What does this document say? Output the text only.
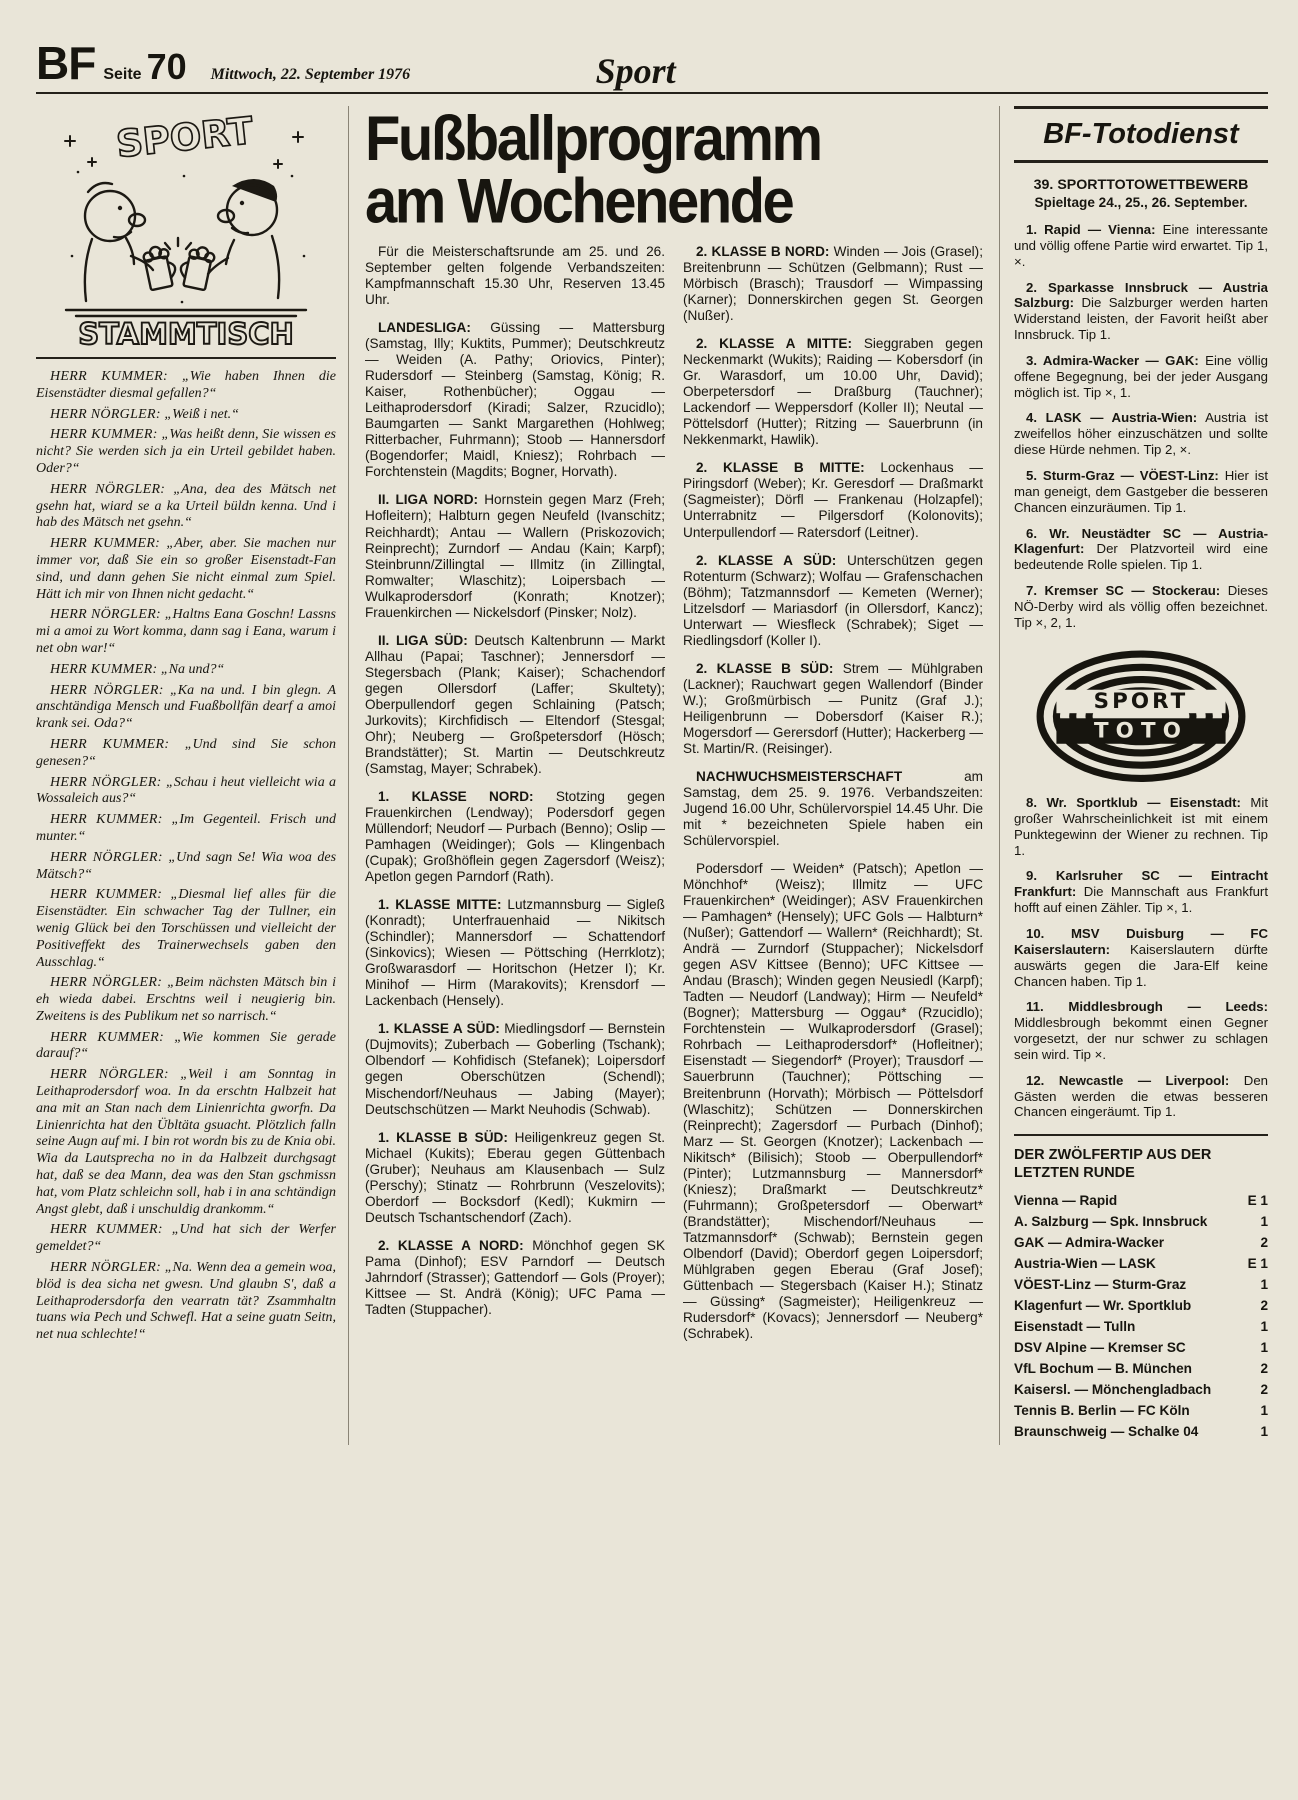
BF Seite 70 Mittwoch, 22. September 1976	Sport
SPORT
STAMMTISCH

HERR KUMMER: „Wie haben Ihnen die Eisenstädter diesmal gefallen?“

HERR NÖRGLER: „Weiß i net.“

HERR KUMMER: „Was heißt denn, Sie wissen es nicht? Sie werden sich ja ein Urteil gebildet haben. Oder?“

HERR NÖRGLER: „Ana, dea des Mätsch net gsehn hat, wiard se a ka Urteil büldn kenna. Und i hab des Mätsch net gsehn.“

HERR KUMMER: „Aber, aber. Sie machen nur immer vor, daß Sie ein so großer Eisenstadt-Fan sind, und dann gehen Sie nicht einmal zum Spiel. Hätt ich mir von Ihnen nicht gedacht.“

HERR NÖRGLER: „Haltns Eana Goschn! Lassns mi a amoi zu Wort komma, dann sag i Eana, warum i net obn war!“

HERR KUMMER: „Na und?“

HERR NÖRGLER: „Ka na und. I bin glegn. A anschtändiga Mensch und Fuaßbollfän dearf a amoi krank sei. Oda?“

HERR KUMMER: „Und sind Sie schon genesen?“

HERR NÖRGLER: „Schau i heut vielleicht wia a Wossaleich aus?“

HERR KUMMER: „Im Gegenteil. Frisch und munter.“

HERR NÖRGLER: „Und sagn Se! Wia woa des Mätsch?“

HERR KUMMER: „Diesmal lief alles für die Eisenstädter. Ein schwacher Tag der Tullner, ein wenig Glück bei den Torschüssen und vielleicht der Positiveffekt des Trainerwechsels gaben den Ausschlag.“

HERR NÖRGLER: „Beim nächsten Mätsch bin i eh wieda dabei. Erschtns weil i neugierig bin. Zweitens is des Publikum net so narrisch.“

HERR KUMMER: „Wie kommen Sie gerade darauf?“

HERR NÖRGLER: „Weil i am Sonntag in Leithaprodersdorf woa. In da erschtn Halbzeit hat ana mit an Stan nach dem Linienrichta gworfn. Da Linienrichta hat den Übltäta gsuacht. Plötzlich falln seine Augn auf mi. I bin rot wordn bis zu de Knia obi. Wia da Lautsprecha no in da Halbzeit durchgsagt hat, daß se dea Mann, dea was den Stan gschmissn hat, vom Platz schleichn soll, hab i in ana schtändign Angst glebt, daß i unschuldig drankomm.“

HERR KUMMER: „Und hat sich der Werfer gemeldet?“

HERR NÖRGLER: „Na. Wenn dea a gemein woa, blöd is dea sicha net gwesn. Und glaubn S', daß a Leithaprodersdorfa den vearratn tät? Zsammhaltn tuans wia Pech und Schwefl. Hat a seine guatn Seitn, net nua schlechte!“

Fußballprogramm
am Wochenende

Für die Meisterschaftsrunde am 25. und 26. September gelten folgende Verbandszeiten: Kampfmannschaft 15.30 Uhr, Reserven 13.45 Uhr.

LANDESLIGA: Güssing — Mattersburg (Samstag, Illy; Kuktits, Pummer); Deutschkreutz — Weiden (A. Pathy; Oriovics, Pinter); Rudersdorf — Steinberg (Samstag, König; R. Kaiser, Rothenbücher); Oggau — Leithaprodersdorf (Kiradi; Salzer, Rzucidlo); Baumgarten — Sankt Margarethen (Hohlweg; Ritterbacher, Fuhrmann); Stoob — Hannersdorf (Bogendorfer; Maidl, Kniesz); Rohrbach — Forchtenstein (Magdits; Bogner, Horvath).

II. LIGA NORD: Hornstein gegen Marz (Freh; Hofleitern); Halbturn gegen Neufeld (Ivanschitz; Reichhardt); Antau — Wallern (Priskozovich; Reinprecht); Zurndorf — Andau (Kain; Karpf); Steinbrunn/Zillingtal — Illmitz (in Zillingtal, Romwalter; Wlaschitz); Loipersbach — Wulkaprodersdorf (Konrath; Knotzer); Frauenkirchen — Nickelsdorf (Pinsker; Nolz).

II. LIGA SÜD: Deutsch Kaltenbrunn — Markt Allhau (Papai; Taschner); Jennersdorf — Stegersbach (Plank; Kaiser); Schachendorf gegen Ollersdorf (Laffer; Skultety); Oberpullendorf gegen Schlaining (Patsch; Jurkovits); Kirchfidisch — Eltendorf (Stesgal; Ohr); Neuberg — Großpetersdorf (Hösch; Brandstätter); St. Martin — Deutschkreutz (Samstag, Mayer; Schrabek).

1. KLASSE NORD: Stotzing gegen Frauenkirchen (Lendway); Podersdorf gegen Müllendorf; Neudorf — Purbach (Benno); Oslip — Pamhagen (Weidinger); Gols — Klingenbach (Cupak); Großhöflein gegen Zagersdorf (Weisz); Apetlon gegen Parndorf (Rath).

1. KLASSE MITTE: Lutzmannsburg — Sigleß (Konradt); Unterfrauenhaid — Nikitsch (Schindler); Mannersdorf — Schattendorf (Sinkovics); Wiesen — Pöttsching (Herrklotz); Großwarasdorf — Horitschon (Hetzer I); Kr. Minihof — Hirm (Marakovits); Krensdorf — Lackenbach (Hensely).

1. KLASSE A SÜD: Miedlingsdorf — Bernstein (Dujmovits); Zuberbach — Goberling (Tschank); Olbendorf — Kohfidisch (Stefanek); Loipersdorf gegen Oberschützen (Schendl); Mischendorf/Neuhaus — Jabing (Mayer); Deutschschützen — Markt Neuhodis (Schwab).

1. KLASSE B SÜD: Heiligenkreuz gegen St. Michael (Kukits); Eberau gegen Güttenbach (Gruber); Neuhaus am Klausenbach — Sulz (Perschy); Stinatz — Rohrbrunn (Veszelovits); Oberdorf — Bocksdorf (Kedl); Kukmirn — Deutsch Tschantschendorf (Zach).

2. KLASSE A NORD: Mönchhof gegen SK Pama (Dinhof); ESV Parndorf — Deutsch Jahrndorf (Strasser); Gattendorf — Gols (Proyer); Kittsee — St. Andrä (König); UFC Pama — Tadten (Stuppacher).

2. KLASSE B NORD: Winden — Jois (Grasel); Breitenbrunn — Schützen (Gelbmann); Rust — Mörbisch (Brasch); Trausdorf — Wimpassing (Karner); Donnerskirchen gegen St. Georgen (Nußer).

2. KLASSE A MITTE: Sieggraben gegen Neckenmarkt (Wukits); Raiding — Kobersdorf (in Gr. Warasdorf, um 10.00 Uhr, David); Oberpetersdorf — Draßburg (Tauchner); Lackendorf — Weppersdorf (Koller II); Neutal — Pöttelsdorf (Hutter); Ritzing — Sauerbrunn (in Nekkenmarkt, Hawlik).

2. KLASSE B MITTE: Lockenhaus — Piringsdorf (Weber); Kr. Geresdorf — Draßmarkt (Sagmeister); Dörfl — Frankenau (Holzapfel); Unterrabnitz — Pilgersdorf (Kolonovits); Unterpullendorf — Ratersdorf (Leitner).

2. KLASSE A SÜD: Unterschützen gegen Rotenturm (Schwarz); Wolfau — Grafenschachen (Böhm); Tatzmannsdorf — Kemeten (Werner); Litzelsdorf — Mariasdorf (in Ollersdorf, Kancz); Unterwart — Wiesfleck (Schrabek); Siget — Riedlingsdorf (Koller I).

2. KLASSE B SÜD: Strem — Mühlgraben (Lackner); Rauchwart gegen Wallendorf (Binder W.); Großmürbisch — Punitz (Graf J.); Heiligenbrunn — Dobersdorf (Kaiser R.); Mogersdorf — Gerersdorf (Hutter); Hackerberg — St. Martin/R. (Reisinger).

NACHWUCHSMEISTERSCHAFT	am Samstag, dem 25. 9. 1976. Verbandszeiten: Jugend 16.00 Uhr, Schülervorspiel 14.45 Uhr. Die mit * bezeichneten Spiele haben ein Schülervorspiel.

Podersdorf — Weiden* (Patsch); Apetlon — Mönchhof* (Weisz); Illmitz — UFC Frauenkirchen* (Weidinger); ASV Frauenkirchen — Pamhagen* (Hensely); UFC Gols — Halbturn* (Nußer); Gattendorf — Wallern* (Reichhardt); St. Andrä — Zurndorf (Stuppacher); Nickelsdorf gegen ASV Kittsee (Benno); UFC Kittsee — Andau (Brasch); Winden gegen Neusiedl (Karpf); Tadten — Neudorf (Landway); Hirm — Neufeld* (Bogner); Mattersburg — Oggau* (Rzucidlo); Forchtenstein — Wulkaprodersdorf (Grasel); Rohrbach — Leithaprodersdorf* (Hofleitner); Eisenstadt — Siegendorf* (Proyer); Trausdorf — Sauerbrunn (Tauchner); Pöttsching — Breitenbrunn (Horvath); Mörbisch — Pöttelsdorf (Wlaschitz); Schützen — Donnerskirchen (Reinprecht); Zagersdorf — Purbach (Dinhof); Marz — St. Georgen (Knotzer); Lackenbach — Nikitsch* (Bilisich); Stoob — Oberpullendorf* (Pinter); Lutzmannsburg — Mannersdorf* (Kniesz); Draßmarkt — Deutschkreutz* (Fuhrmann); Großpetersdorf — Oberwart* (Brandstätter); Mischendorf/Neuhaus — Tatzmannsdorf* (Schwab); Bernstein gegen Olbendorf (David); Oberdorf gegen Loipersdorf; Mühlgraben gegen Eberau (Graf Josef); Güttenbach — Stegersbach (Kaiser H.); Stinatz — Güssing* (Sagmeister); Heiligenkreuz — Rudersdorf* (Kovacs); Jennersdorf — Neuberg* (Schrabek).

BF-Totodienst

39. SPORTTOTOWETTBEWERB

Spieltage 24., 25., 26. September.

1. Rapid — Vienna: Eine interessante und völlig offene Partie wird erwartet. Tip 1, ×.

2. Sparkasse Innsbruck — Austria Salzburg: Die Salzburger werden harten Widerstand leisten, der Favorit heißt aber Innsbruck. Tip 1.

3. Admira-Wacker — GAK: Eine völlig offene Begegnung, bei der jeder Ausgang möglich ist. Tip ×, 1.

4. LASK — Austria-Wien: Austria ist zweifellos höher einzuschätzen und sollte diese Hürde nehmen. Tip 2, ×.

5. Sturm-Graz — VÖEST-Linz: Hier ist man geneigt, dem Gastgeber die besseren Chancen einzuräumen. Tip 1.

6. Wr. Neustädter SC — Austria-Klagenfurt: Der Platzvorteil wird eine bedeutende Rolle spielen. Tip 1.

7. Kremser SC — Stockerau: Dieses NÖ-Derby wird als völlig offen bezeichnet. Tip ×, 2, 1.

SPORT
TOTO

8. Wr. Sportklub — Eisenstadt: Mit großer Wahrscheinlichkeit ist mit einem Punktegewinn der Wiener zu rechnen. Tip 1.

9. Karlsruher SC — Eintracht Frankfurt: Die Mannschaft aus Frankfurt hofft auf einen Zähler. Tip ×, 1.

10. MSV Duisburg — FC Kaiserslautern: Kaiserslautern dürfte auswärts gegen die Jara-Elf keine Chancen haben. Tip 1.

11. Middlesbrough — Leeds: Middlesbrough bekommt einen Gegner vorgesetzt, der nur schwer zu schlagen sein wird. Tip ×.

12. Newcastle — Liverpool: Den Gästen werden die etwas besseren Chancen eingeräumt. Tip 1.

DER ZWÖLFERTIP AUS DER LETZTEN RUNDE

Vienna — Rapid	E 1
A. Salzburg — Spk. Innsbruck	1
GAK — Admira-Wacker	2
Austria-Wien — LASK	E 1
VÖEST-Linz — Sturm-Graz	1
Klagenfurt — Wr. Sportklub	2
Eisenstadt — Tulln	1
DSV Alpine — Kremser SC	1
VfL Bochum — B. München	2
Kaisersl. — Mönchengladbach	2
Tennis B. Berlin — FC Köln	1
Braunschweig — Schalke 04	1
